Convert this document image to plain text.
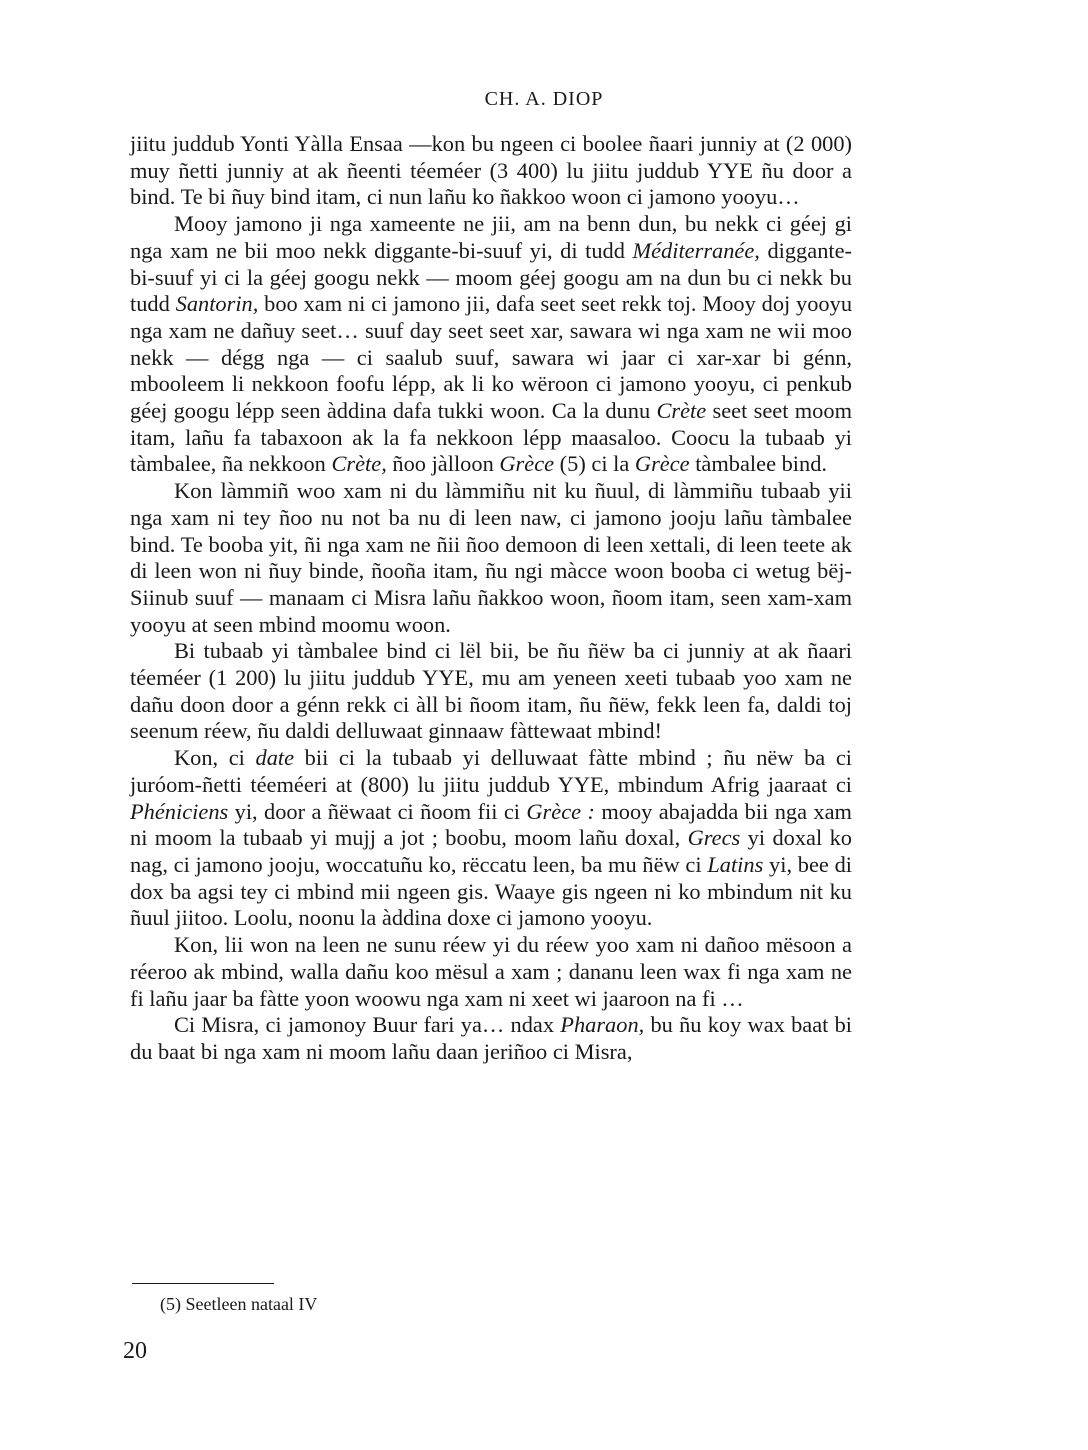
CH. A. DIOP

jiitu juddub Yonti Yàlla Ensaa —kon bu ngeen ci boolee ñaari junniy at (2 000) muy ñetti junniy at ak ñeenti téeméer (3 400) lu jiitu juddub YYE ñu door a bind. Te bi ñuy bind itam, ci nun lañu ko ñakkoo woon ci jamono yooyu…

Mooy jamono ji nga xameente ne jii, am na benn dun, bu nekk ci géej gi nga xam ne bii moo nekk diggante-bi-suuf yi, di tudd Méditerranée, diggante-bi-suuf yi ci la géej googu nekk — moom géej googu am na dun bu ci nekk bu tudd Santorin, boo xam ni ci jamono jii, dafa seet seet rekk toj. Mooy doj yooyu nga xam ne dañuy seet… suuf day seet seet xar, sawara wi nga xam ne wii moo nekk — dégg nga — ci saalub suuf, sawara wi jaar ci xar-xar bi génn, mbooleem li nekkoon foofu lépp, ak li ko wëroon ci jamono yooyu, ci penkub géej googu lépp seen àddina dafa tukki woon. Ca la dunu Crète seet seet moom itam, lañu fa tabaxoon ak la fa nekkoon lépp maasaloo. Coocu la tubaab yi tàmbalee, ña nekkoon Crète, ñoo jàlloon Grèce (5) ci la Grèce tàmbalee bind.

Kon làmmiñ woo xam ni du làmmiñu nit ku ñuul, di làmmiñu tubaab yii nga xam ni tey ñoo nu not ba nu di leen naw, ci jamono jooju lañu tàmbalee bind. Te booba yit, ñi nga xam ne ñii ñoo demoon di leen xettali, di leen teete ak di leen won ni ñuy binde, ñooña itam, ñu ngi màcce woon booba ci wetug bëj-Siinub suuf — manaam ci Misra lañu ñakkoo woon, ñoom itam, seen xam-xam yooyu at seen mbind moomu woon.

Bi tubaab yi tàmbalee bind ci lël bii, be ñu ñëw ba ci junniy at ak ñaari téeméer (1 200) lu jiitu juddub YYE, mu am yeneen xeeti tubaab yoo xam ne dañu doon door a génn rekk ci àll bi ñoom itam, ñu ñëw, fekk leen fa, daldi toj seenum réew, ñu daldi delluwaat ginnaaw fàttewaat mbind!

Kon, ci date bii ci la tubaab yi delluwaat fàtte mbind ; ñu nëw ba ci juróom-ñetti téeméeri at (800) lu jiitu juddub YYE, mbindum Afrig jaaraat ci Phéniciens yi, door a ñëwaat ci ñoom fii ci Grèce : mooy abajadda bii nga xam ni moom la tubaab yi mujj a jot ; boobu, moom lañu doxal, Grecs yi doxal ko nag, ci jamono jooju, woccatuñu ko, rëccatu leen, ba mu ñëw ci Latins yi, bee di dox ba agsi tey ci mbind mii ngeen gis. Waaye gis ngeen ni ko mbindum nit ku ñuul jiitoo. Loolu, noonu la àddina doxe ci jamono yooyu.

Kon, lii won na leen ne sunu réew yi du réew yoo xam ni dañoo mësoon a réeroo ak mbind, walla dañu koo mësul a xam ; dananu leen wax fi nga xam ne fi lañu jaar ba fàtte yoon woowu nga xam ni xeet wi jaaroon na fi …

Ci Misra, ci jamonoy Buur fari ya… ndax Pharaon, bu ñu koy wax baat bi du baat bi nga xam ni moom lañu daan jeriñoo ci Misra,

(5) Seetleen nataal IV
20
